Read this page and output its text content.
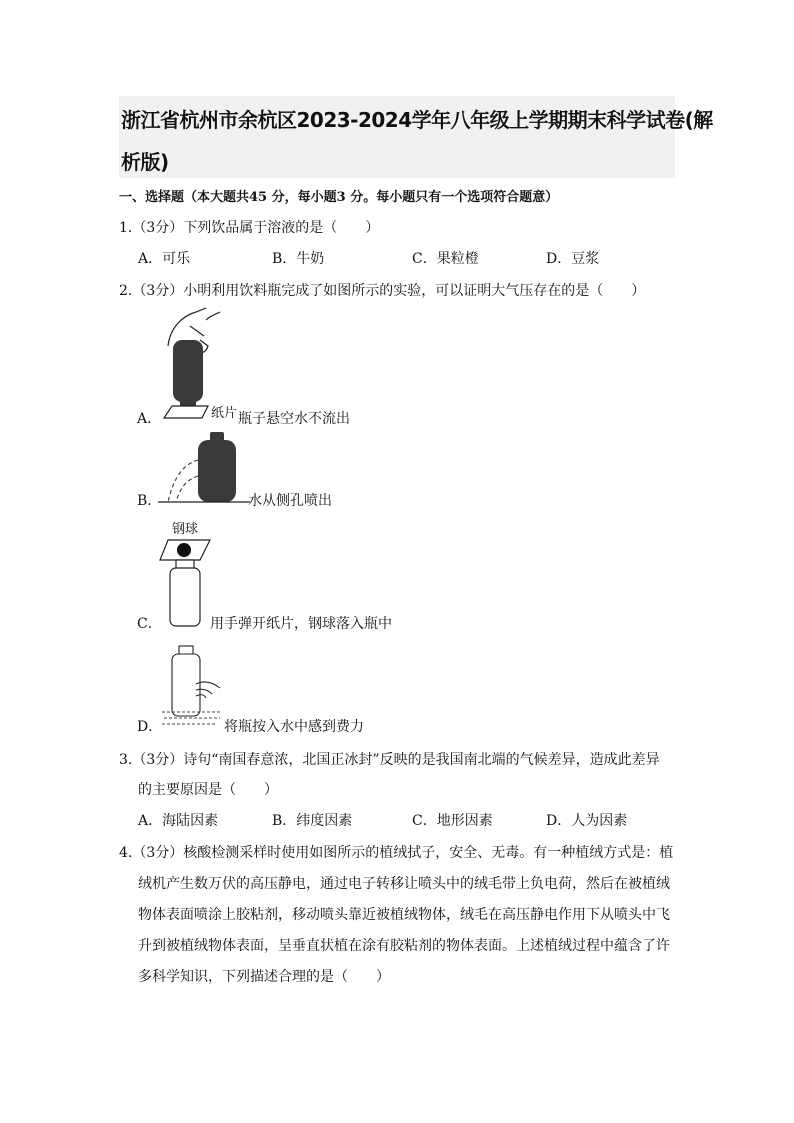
浙江省杭州市余杭区2023-2024学年八年级上学期期末科学试卷(解
析版)
一、选择题（本大题共45 分，每小题3 分。每小题只有一个选项符合题意）
1.（3分）下列饮品属于溶液的是（　　）
A．可乐	B．牛奶	C．果粒橙	D．豆浆
2.（3分）小明利用饮料瓶完成了如图所示的实验，可以证明大气压存在的是（　　）
A．	纸片 瓶子悬空水不流出
B．	水从侧孔喷出
钢球
C．	用手弹开纸片，钢球落入瓶中
D．	将瓶按入水中感到费力
3.（3分）诗句“南国春意浓，北国正冰封”反映的是我国南北端的气候差异，造成此差异
的主要原因是（　　）
A．海陆因素	B．纬度因素	C．地形因素	D．人为因素
4.（3分）核酸检测采样时使用如图所示的植绒拭子，安全、无毒。有一种植绒方式是：植
绒机产生数万伏的高压静电，通过电子转移让喷头中的绒毛带上负电荷，然后在被植绒
物体表面喷涂上胶粘剂，移动喷头靠近被植绒物体，绒毛在高压静电作用下从喷头中飞
升到被植绒物体表面，呈垂直状植在涂有胶粘剂的物体表面。上述植绒过程中蕴含了许
多科学知识，下列描述合理的是（　　）
